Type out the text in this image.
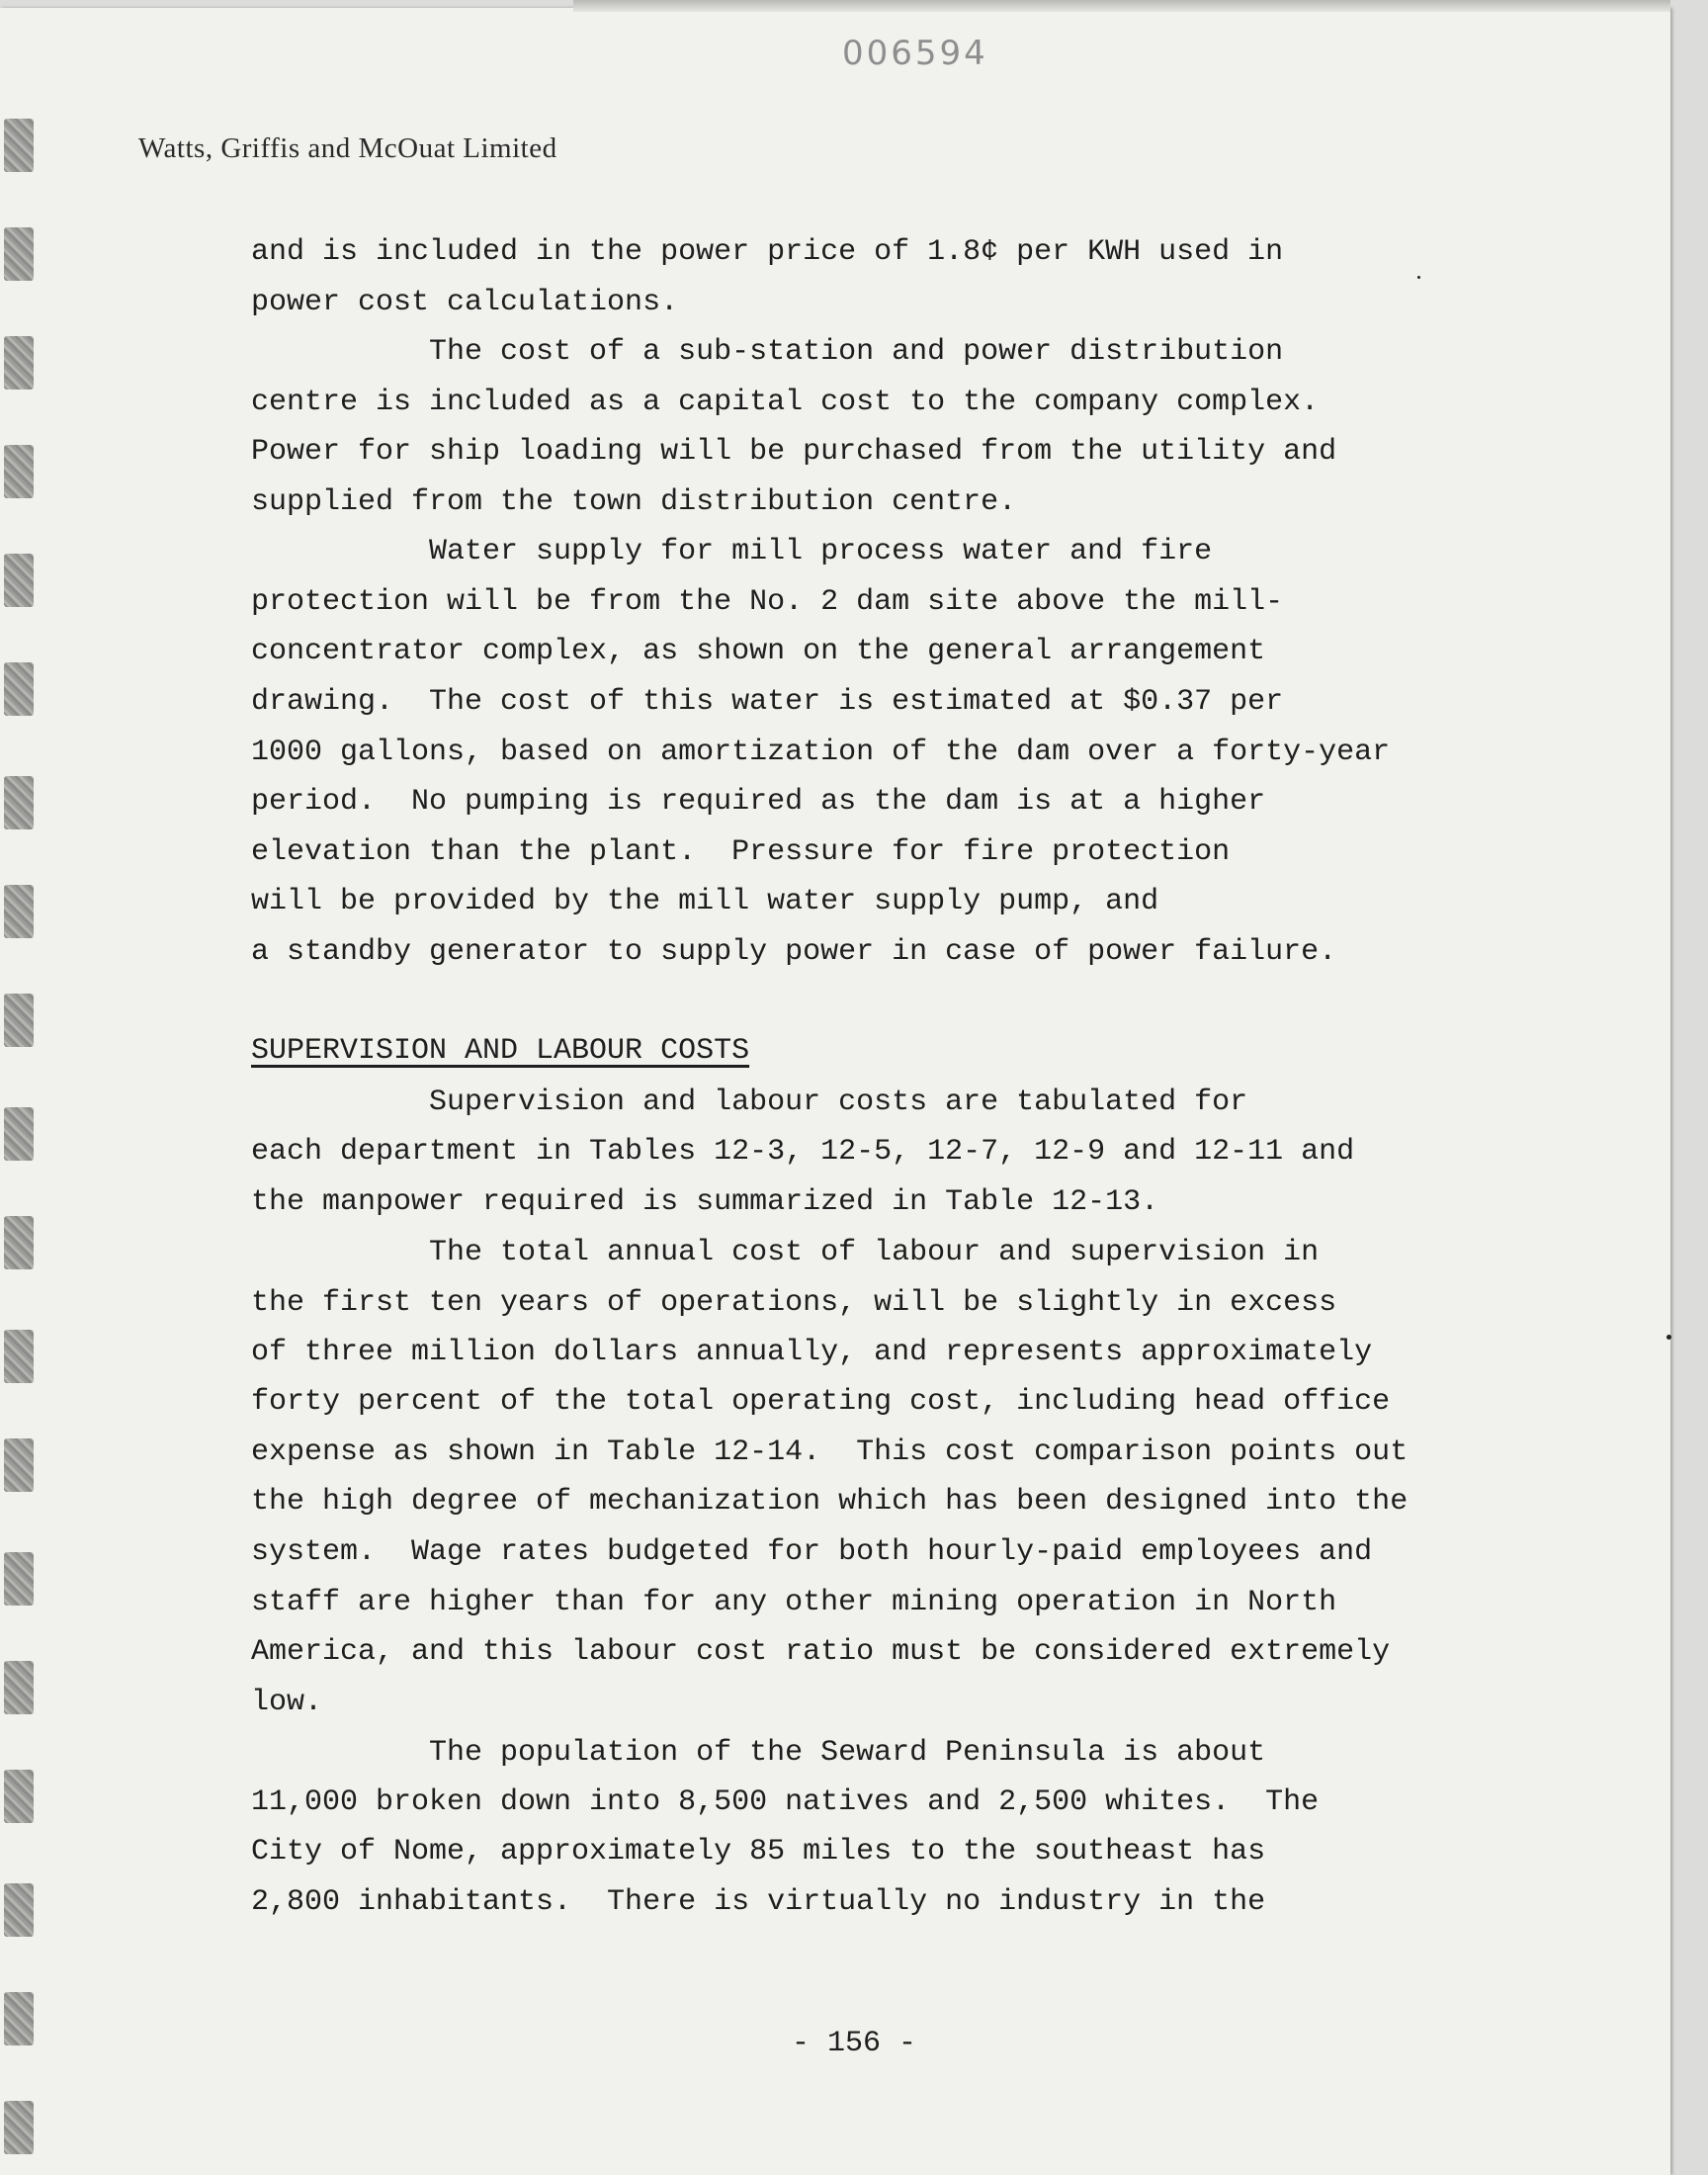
006594
Watts, Griffis and McOuat Limited
and is included in the power price of 1.8¢ per KWH used in
power cost calculations.
The cost of a sub-station and power distribution
centre is included as a capital cost to the company complex.
Power for ship loading will be purchased from the utility and
supplied from the town distribution centre.
Water supply for mill process water and fire
protection will be from the No. 2 dam site above the mill-
concentrator complex, as shown on the general arrangement
drawing.  The cost of this water is estimated at $0.37 per
1000 gallons, based on amortization of the dam over a forty-year
period.  No pumping is required as the dam is at a higher
elevation than the plant.  Pressure for fire protection
will be provided by the mill water supply pump, and
a standby generator to supply power in case of power failure.
SUPERVISION AND LABOUR COSTS
Supervision and labour costs are tabulated for
each department in Tables 12-3, 12-5, 12-7, 12-9 and 12-11 and
the manpower required is summarized in Table 12-13.
The total annual cost of labour and supervision in
the first ten years of operations, will be slightly in excess
of three million dollars annually, and represents approximately
forty percent of the total operating cost, including head office
expense as shown in Table 12-14.  This cost comparison points out
the high degree of mechanization which has been designed into the
system.  Wage rates budgeted for both hourly-paid employees and
staff are higher than for any other mining operation in North
America, and this labour cost ratio must be considered extremely
low.
The population of the Seward Peninsula is about
11,000 broken down into 8,500 natives and 2,500 whites.  The
City of Nome, approximately 85 miles to the southeast has
2,800 inhabitants.  There is virtually no industry in the
- 156 -
